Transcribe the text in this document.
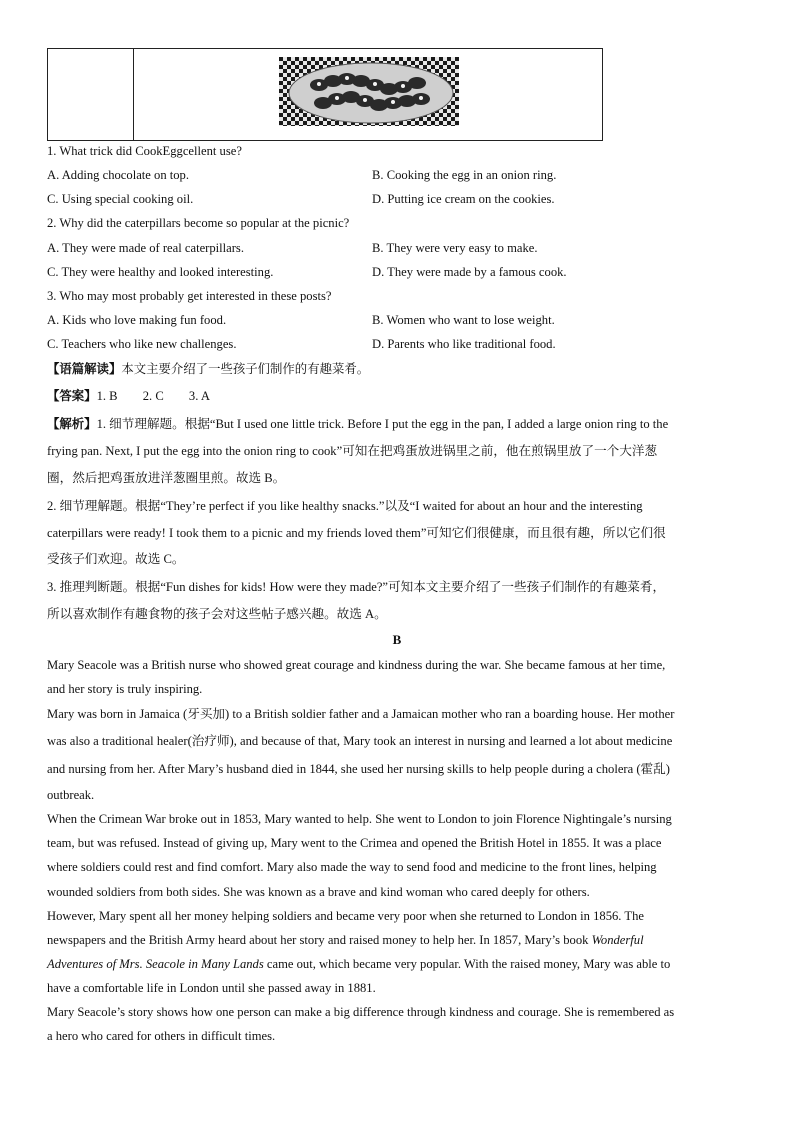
1. What trick did CookEggcellent use?
A. Adding chocolate on top.	B. Cooking the egg in an onion ring.
C. Using special cooking oil.	D. Putting ice cream on the cookies.
2. Why did the caterpillars become so popular at the picnic?
A. They were made of real caterpillars.	B. They were very easy to make.
C. They were healthy and looked interesting.	D. They were made by a famous cook.
3. Who may most probably get interested in these posts?
A. Kids who love making fun food.	B. Women who want to lose weight.
C. Teachers who like new challenges.	D. Parents who like traditional food.
【语篇解读】本文主要介绍了一些孩子们制作的有趣菜肴。
【答案】1. B        2. C        3. A
【解析】1. 细节理解题。根据“But I used one little trick. Before I put the egg in the pan, I added a large onion ring to the
frying pan. Next, I put the egg into the onion ring to cook”可知在把鸡蛋放进锅里之前，他在煎锅里放了一个大洋葱
圈，然后把鸡蛋放进洋葱圈里煎。故选 B。
2. 细节理解题。根据“They’re perfect if you like healthy snacks.”以及“I waited for about an hour and the interesting
caterpillars were ready! I took them to a picnic and my friends loved them”可知它们很健康，而且很有趣，所以它们很
受孩子们欢迎。故选 C。
3. 推理判断题。根据“Fun dishes for kids! How were they made?”可知本文主要介绍了一些孩子们制作的有趣菜肴，
所以喜欢制作有趣食物的孩子会对这些帖子感兴趣。故选 A。
B
Mary Seacole was a British nurse who showed great courage and kindness during the war. She became famous at her time,
and her story is truly inspiring.
Mary was born in Jamaica (牙买加) to a British soldier father and a Jamaican mother who ran a boarding house. Her mother
was also a traditional healer(治疗师), and because of that, Mary took an interest in nursing and learned a lot about medicine
and nursing from her. After Mary’s husband died in 1844, she used her nursing skills to help people during a cholera (霍乱)
outbreak.
When the Crimean War broke out in 1853, Mary wanted to help. She went to London to join Florence Nightingale’s nursing
team, but was refused. Instead of giving up, Mary went to the Crimea and opened the British Hotel in 1855. It was a place
where soldiers could rest and find comfort. Mary also made the way to send food and medicine to the front lines, helping
wounded soldiers from both sides. She was known as a brave and kind woman who cared deeply for others.
However, Mary spent all her money helping soldiers and became very poor when she returned to London in 1856. The
newspapers and the British Army heard about her story and raised money to help her. In 1857, Mary’s book Wonderful
Adventures of Mrs. Seacole in Many Lands came out, which became very popular. With the raised money, Mary was able to
have a comfortable life in London until she passed away in 1881.
Mary Seacole’s story shows how one person can make a big difference through kindness and courage. She is remembered as
a hero who cared for others in difficult times.
